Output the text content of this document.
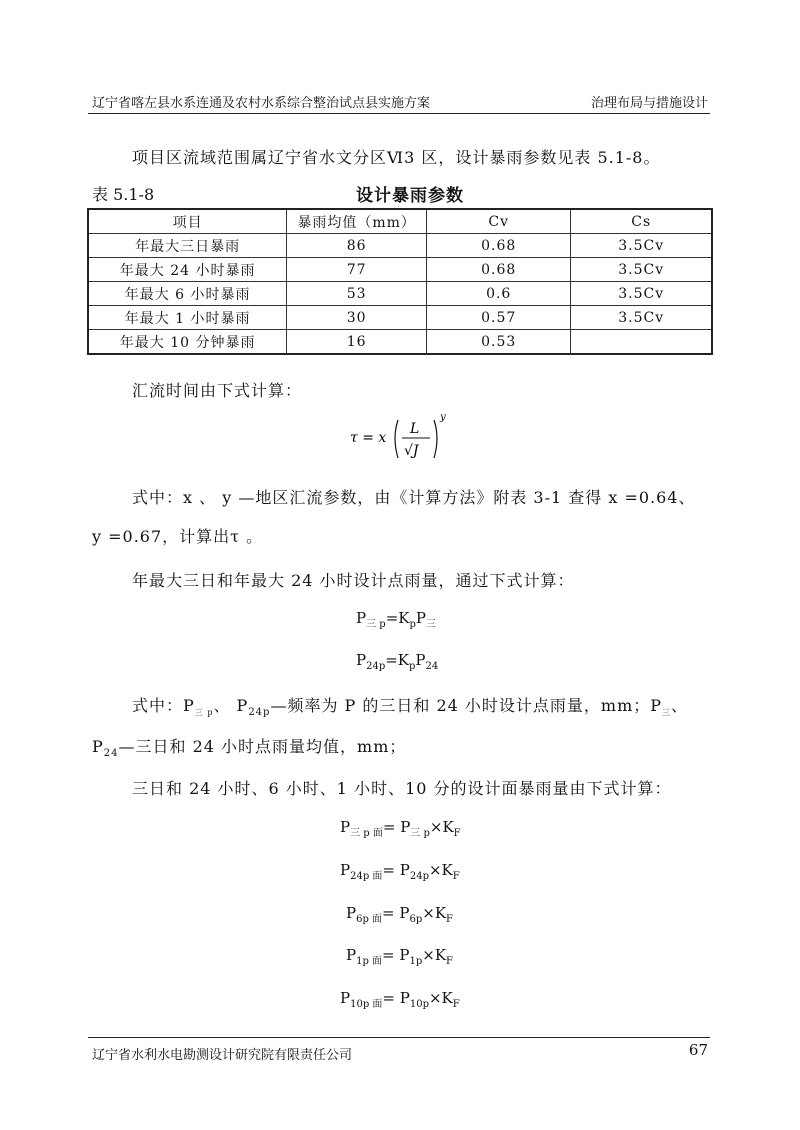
辽宁省喀左县水系连通及农村水系综合整治试点县实施方案	治理布局与措施设计
项目区流域范围属辽宁省水文分区Ⅵ3 区，设计暴雨参数见表 5.1-8。
表 5.1-8	设计暴雨参数
项目	暴雨均值（mm）	Cv	Cs
年最大三日暴雨	86	0.68	3.5Cv
年最大 24 小时暴雨	77	0.68	3.5Cv
年最大 6 小时暴雨	53	0.6	3.5Cv
年最大 1 小时暴雨	30	0.57	3.5Cv
年最大 10 分钟暴雨	16	0.53	
汇流时间由下式计算：
τ = x
L
√J
y
式中：x 、 y —地区汇流参数，由《计算方法》附表 3-1 查得 x =0.64、
y =0.67，计算出τ 。
年最大三日和年最大 24 小时设计点雨量，通过下式计算：
$P_{三 p}=K_pP_三$
$P_{24p}=K_pP_{24}$
式中：$P_{三 p}$、 $P_{24p}—$频率为 P 的三日和 24 小时设计点雨量，mm；$P_三$、
$P_{24}—$三日和 24 小时点雨量均值，mm；
三日和 24 小时、6 小时、1 小时、10 分的设计面暴雨量由下式计算：
$P_{三 p 面}= P_{三 p}\times K_F$
$P_{24p 面}= P_{24p}\times K_F$
$P_{6p 面}= P_{6p}\times K_F$
$P_{1p 面}= P_{1p}\times K_F$
$P_{10p 面}= P_{10p}\times K_F$
辽宁省水利水电勘测设计研究院有限责任公司	67
